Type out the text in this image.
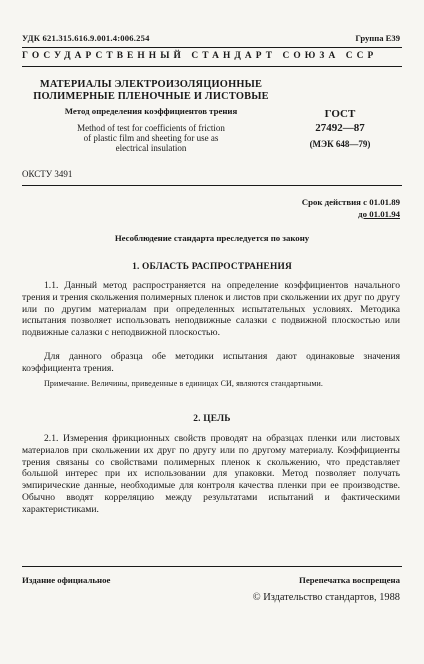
УДК 621.315.616.9.001.4:006.254	Группа Е39
ГОСУДАРСТВЕННЫЙ СТАНДАРТ СОЮЗА ССР
МАТЕРИАЛЫ ЭЛЕКТРОИЗОЛЯЦИОННЫЕ
ПОЛИМЕРНЫЕ ПЛЕНОЧНЫЕ И ЛИСТОВЫЕ
Метод определения коэффициентов трения
Method of test for coefficients of friction
of plastic film and sheeting for use as
electrical insulation
ГОСТ
27492—87
(МЭК 648—79)
ОКСТУ 3491
Срок действия с 01.01.89
до 01.01.94
Несоблюдение стандарта преследуется по закону
1. ОБЛАСТЬ РАСПРОСТРАНЕНИЯ

1.1. Данный метод распространяется на определение коэффициентов начального трения и трения скольжения полимерных пленок и листов при скольжении их друг по другу или по другим материалам при определенных испытательных условиях. Методика испытания позволяет использовать неподвижные салазки с подвижной плоскостью или подвижные салазки с неподвижной плоскостью.

Для данного образца обе методики испытания дают одинаковые значения коэффициента трения.

Примечание. Величины, приведенные в единицах СИ, являются стандартными.

2. ЦЕЛЬ

2.1. Измерения фрикционных свойств проводят на образцах пленки или листовых материалов при скольжении их друг по другу или по другому материалу. Коэффициенты трения связаны со свойствами полимерных пленок к скольжению, что представляет большой интерес при их использовании для упаковки. Метод позволяет получать эмпирические данные, необходимые для контроля качества пленки при ее производстве. Обычно вводят корреляцию между результатами испытаний и фактическими характеристиками.

Издание официальное	Перепечатка воспрещена
© Издательство стандартов, 1988
